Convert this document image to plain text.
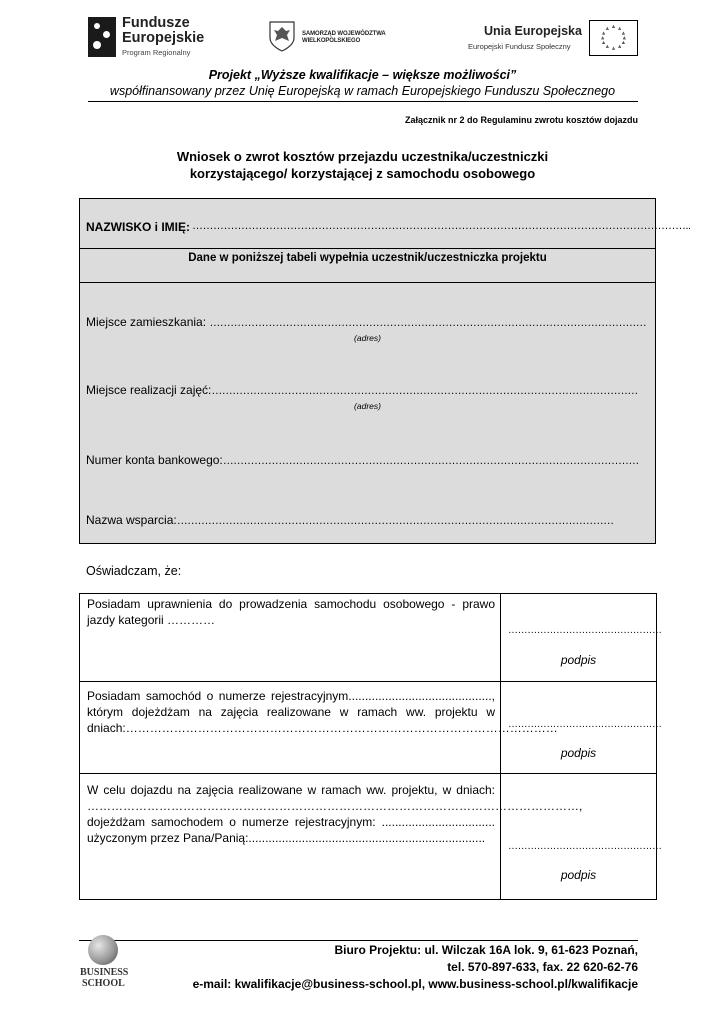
Fundusze
Europejskie
Program Regionalny
SAMORZĄD WOJEWÓDZTWA
WIELKOPOLSKIEGO
Unia Europejska
Europejski Fundusz Społeczny
Projekt „Wyższe kwalifikacje – większe możliwości”
współfinansowany przez Unię Europejską w ramach Europejskiego Funduszu Społecznego
Załącznik nr 2 do Regulaminu zwrotu kosztów dojazdu
Wniosek o zwrot kosztów przejazdu uczestnika/uczestniczki
korzystającego/ korzystającej z samochodu osobowego
NAZWISKO i IMIĘ: ……………………………………………………………………………………………………………………………..
Dane w poniższej tabeli wypełnia uczestnik/uczestniczka projektu
Miejsce zamieszkania: ………………………………………………………………………………………………………………
(adres)
Miejsce realizacji zajęć:……………………………………………………………………………………………………………
(adres)
Numer konta bankowego:…………………………………………………………………………………………………………
Nazwa wsparcia:………………………………………………………………………………………………………………
Oświadczam, że:
Posiadam uprawnienia do prowadzenia samochodu osobowego - prawo jazdy kategorii …………
…………………………………………
podpis
Posiadam samochód o numerze rejestracyjnym..........................................., którym dojeżdżam na zajęcia realizowane w ramach ww. projektu w dniach:………………………………………………………………………………………………
…………………………………………
podpis
W celu dojazdu na zajęcia realizowane w ramach ww. projektu, w dniach: ……………………………………………………………………………………………………………, dojeżdżam samochodem o numerze rejestracyjnym: .................................. użyczonym przez Pana/Panią:.......................................................................
…………………………………………
podpis
BUSINESS
SCHOOL
Biuro Projektu: ul. Wilczak 16A lok. 9, 61-623 Poznań,
tel. 570-897-633, fax. 22 620-62-76
e-mail: kwalifikacje@business-school.pl, www.business-school.pl/kwalifikacje
